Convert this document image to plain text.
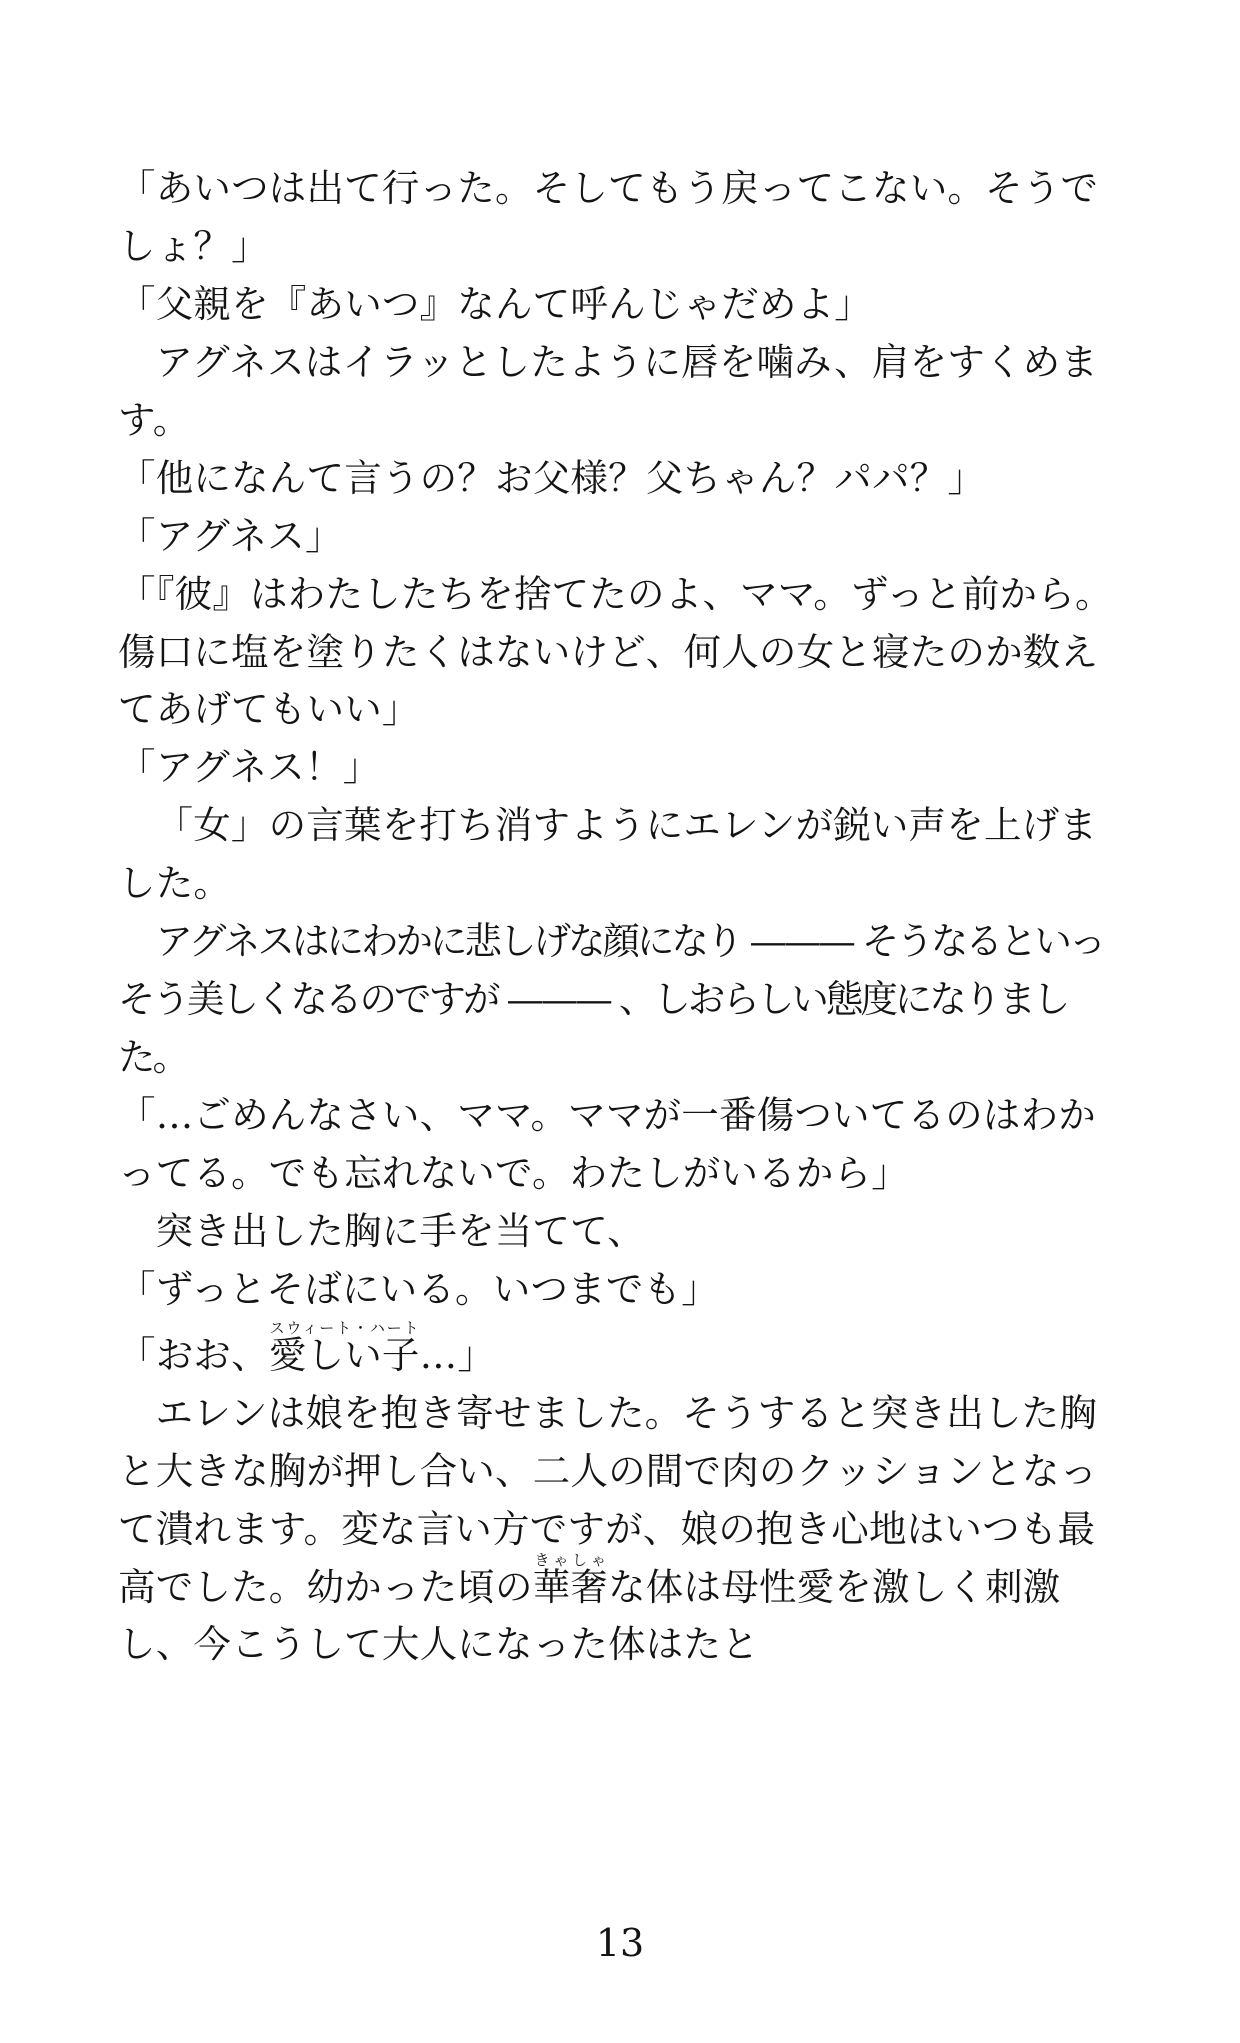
「あいつは出て行った。そしてもう戻ってこない。そうでしょ？」

「父親を『あいつ』なんて呼んじゃだめよ」

アグネスはイラッとしたように唇を噛み、肩をすくめます。

「他になんて言うの？お父様？父ちゃん？パパ？」

「アグネス」

「『彼』はわたしたちを捨てたのよ、ママ。ずっと前から。傷口に塩を塗りたくはないけど、何人の女と寝たのか数えてあげてもいい」

「アグネス！」

「女」の言葉を打ち消すようにエレンが鋭い声を上げました。

アグネスはにわかに悲しげな顔になり ——— そうなるといっそう美しくなるのですが ——— 、しおらしい態度になりました。

「…ごめんなさい、ママ。ママが一番傷ついてるのはわかってる。でも忘れないで。わたしがいるから」

突き出した胸に手を当てて、

「ずっとそばにいる。いつまでも」

「おお、愛しい子スウィート・ハート…」

エレンは娘を抱き寄せました。そうすると突き出した胸と大きな胸が押し合い、二人の間で肉のクッションとなって潰れます。変な言い方ですが、娘の抱き心地はいつも最高でした。幼かった頃の華奢きゃしゃな体は母性愛を激しく刺激し、今こうして大人になった体はたと

13
